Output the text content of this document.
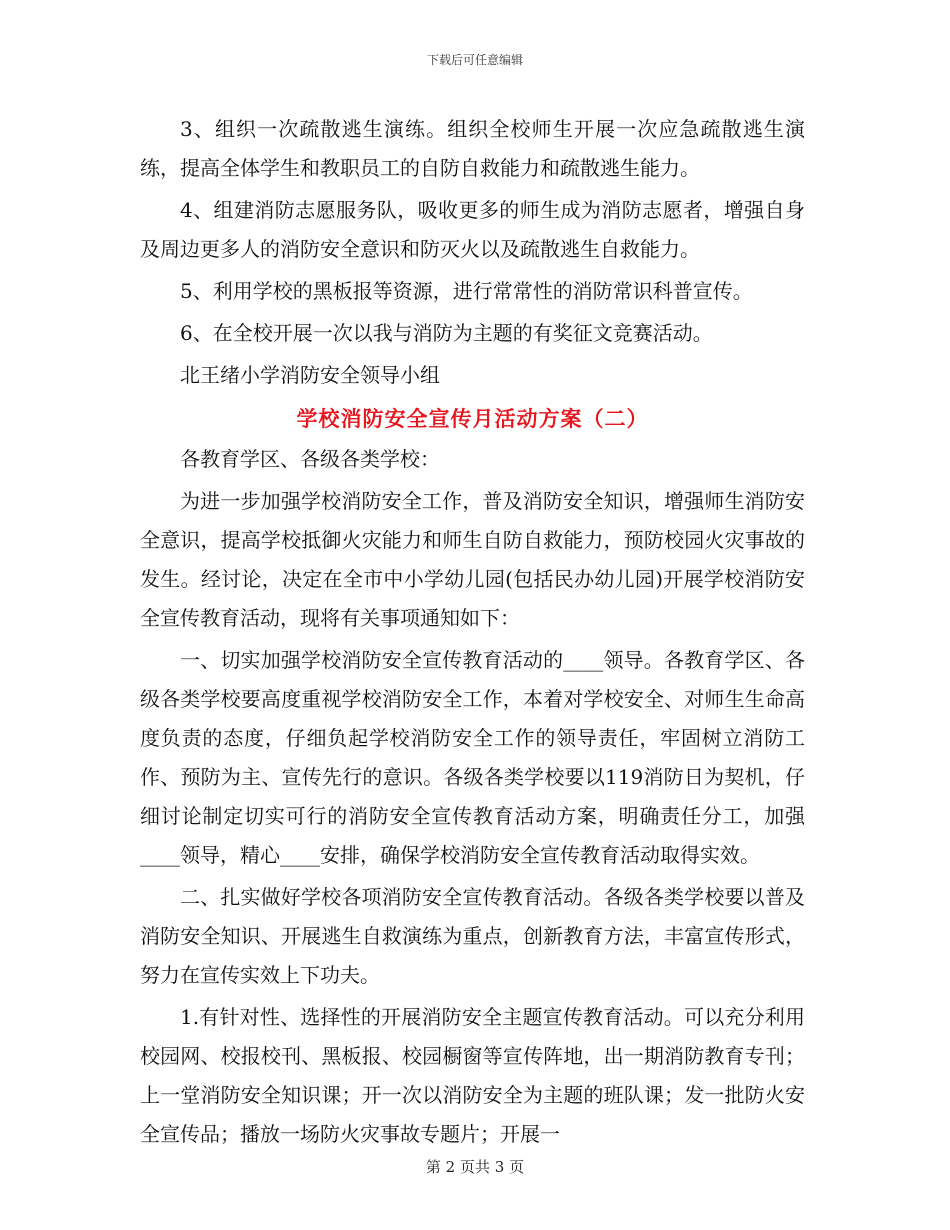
下载后可任意编辑

3、组织一次疏散逃生演练。组织全校师生开展一次应急疏散逃生演练，提高全体学生和教职员工的自防自救能力和疏散逃生能力。

4、组建消防志愿服务队，吸收更多的师生成为消防志愿者，增强自身及周边更多人的消防安全意识和防灭火以及疏散逃生自救能力。

5、利用学校的黑板报等资源，进行常常性的消防常识科普宣传。

6、在全校开展一次以我与消防为主题的有奖征文竞赛活动。

北王绪小学消防安全领导小组

学校消防安全宣传月活动方案（二）

各教育学区、各级各类学校：

为进一步加强学校消防安全工作，普及消防安全知识，增强师生消防安全意识，提高学校抵御火灾能力和师生自防自救能力，预防校园火灾事故的发生。经讨论，决定在全市中小学幼儿园(包括民办幼儿园)开展学校消防安全宣传教育活动，现将有关事项通知如下：

一、切实加强学校消防安全宣传教育活动的____领导。各教育学区、各级各类学校要高度重视学校消防安全工作，本着对学校安全、对师生生命高度负责的态度，仔细负起学校消防安全工作的领导责任，牢固树立消防工作、预防为主、宣传先行的意识。各级各类学校要以119消防日为契机，仔细讨论制定切实可行的消防安全宣传教育活动方案，明确责任分工，加强____领导，精心____安排，确保学校消防安全宣传教育活动取得实效。

二、扎实做好学校各项消防安全宣传教育活动。各级各类学校要以普及消防安全知识、开展逃生自救演练为重点，创新教育方法，丰富宣传形式，努力在宣传实效上下功夫。

1.有针对性、选择性的开展消防安全主题宣传教育活动。可以充分利用校园网、校报校刊、黑板报、校园橱窗等宣传阵地，出一期消防教育专刊；上一堂消防安全知识课；开一次以消防安全为主题的班队课；发一批防火安全宣传品；播放一场防火灾事故专题片；开展一

第 2 页共 3 页
